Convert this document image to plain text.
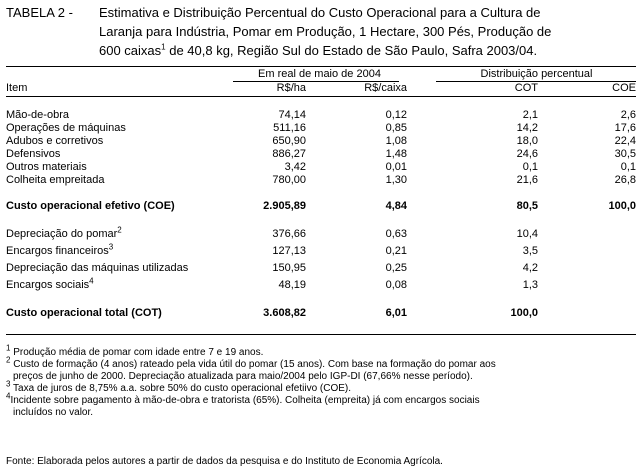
TABELA 2 - Estimativa e Distribuição Percentual do Custo Operacional para a Cultura de
Laranja para Indústria, Pomar em Produção, 1 Hectare, 300 Pés, Produção de
600 caixas$^1$ de 40,8 kg, Região Sul do Estado de São Paulo, Safra 2003/04.
	Em real de maio de 2004		Distribuição percentual	
Item	R$/ha	R$/caixa	COT	COE

Mão-de-obra	74,14	0,12	2,1	2,6
Operações de máquinas	511,16	0,85	14,2	17,6
Adubos e corretivos	650,90	1,08	18,0	22,4
Defensivos	886,27	1,48	24,6	30,5
Outros materiais	3,42	0,01	0,1	0,1
Colheita empreitada	780,00	1,30	21,6	26,8

Custo operacional efetivo (COE)	2.905,89	4,84	80,5	100,0

Depreciação do pomar$^2$	376,66	0,63	10,4	
Encargos financeiros$^3$	127,13	0,21	3,5	
Depreciação das máquinas utilizadas	150,95	0,25	4,2	
Encargos sociais$^4$	48,19	0,08	1,3	

Custo operacional total (COT)	3.608,82	6,01	100,0	

$^1$ Produção média de pomar com idade entre 7 e 19 anos.

$^2$ Custo de formação (4 anos) rateado pela vida útil do pomar (15 anos). Com base na formação do pomar aos

preços de junho de 2000. Depreciação atualizada para maio/2004 pelo IGP-DI (67,66% nesse período).

$^3$ Taxa de juros de 8,75% a.a. sobre 50% do custo operacional efetiivo (COE).

$^4$Incidente sobre pagamento à mão-de-obra e tratorista (65%). Colheita (empreita) já com encargos sociais

incluídos no valor.

Fonte: Elaborada pelos autores a partir de dados da pesquisa e do Instituto de Economia Agrícola.
